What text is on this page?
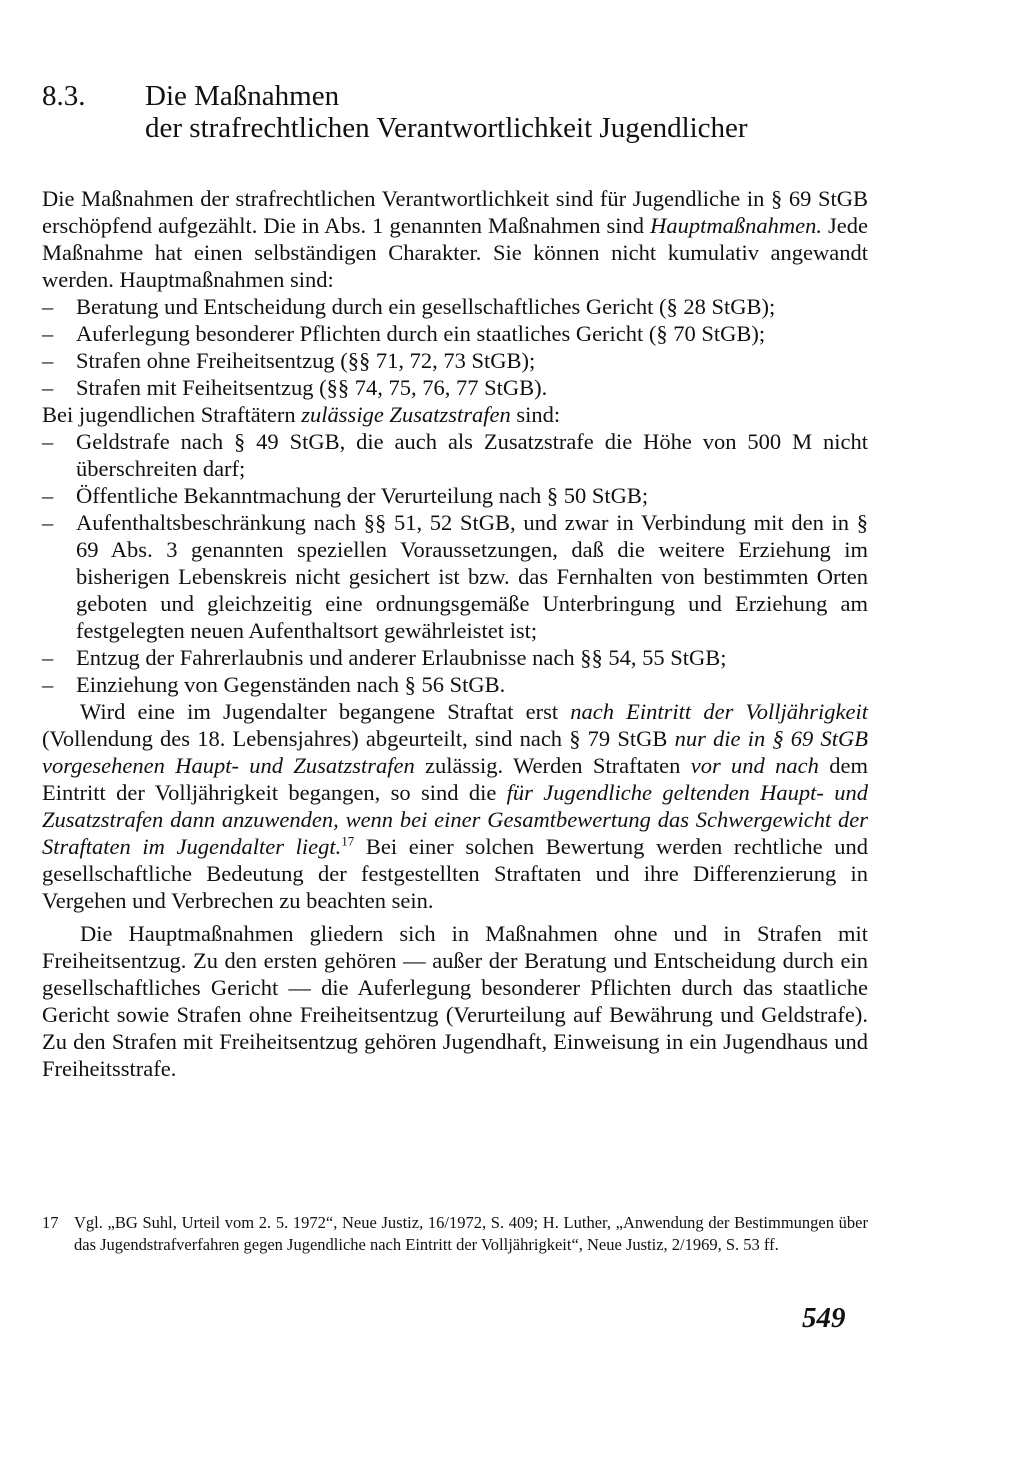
8.3. Die Maßnahmen
der strafrechtlichen Verantwortlichkeit Jugendlicher

Die Maßnahmen der strafrechtlichen Verantwortlichkeit sind für Jugendliche in § 69 StGB erschöpfend aufgezählt. Die in Abs. 1 genannten Maßnahmen sind Hauptmaßnahmen. Jede Maßnahme hat einen selbständigen Charakter. Sie können nicht kumulativ angewandt werden. Hauptmaßnahmen sind:

– Beratung und Entscheidung durch ein gesellschaftliches Gericht (§ 28 StGB);
– Auferlegung besonderer Pflichten durch ein staatliches Gericht (§ 70 StGB);
– Strafen ohne Freiheitsentzug (§§ 71, 72, 73 StGB);
– Strafen mit Feiheitsentzug (§§ 74, 75, 76, 77 StGB).

Bei jugendlichen Straftätern zulässige Zusatzstrafen sind:

– Geldstrafe nach § 49 StGB, die auch als Zusatzstrafe die Höhe von 500 M nicht überschreiten darf;
– Öffentliche Bekanntmachung der Verurteilung nach § 50 StGB;
– Aufenthaltsbeschränkung nach §§ 51, 52 StGB, und zwar in Verbindung mit den in § 69 Abs. 3 genannten speziellen Voraussetzungen, daß die weitere Erziehung im bisherigen Lebenskreis nicht gesichert ist bzw. das Fernhalten von bestimmten Orten geboten und gleichzeitig eine ordnungsgemäße Unterbringung und Erziehung am festgelegten neuen Aufenthaltsort gewährleistet ist;
– Entzug der Fahrerlaubnis und anderer Erlaubnisse nach §§ 54, 55 StGB;
– Einziehung von Gegenständen nach § 56 StGB.

Wird eine im Jugendalter begangene Straftat erst nach Eintritt der Volljährigkeit (Vollendung des 18. Lebensjahres) abgeurteilt, sind nach § 79 StGB nur die in § 69 StGB vorgesehenen Haupt- und Zusatzstrafen zulässig. Werden Straftaten vor und nach dem Eintritt der Volljährigkeit begangen, so sind die für Jugendliche geltenden Haupt- und Zusatzstrafen dann anzuwenden, wenn bei einer Gesamtbewertung das Schwergewicht der Straftaten im Jugendalter liegt.$^{17}$ Bei einer solchen Bewertung werden rechtliche und gesellschaftliche Bedeutung der festgestellten Straftaten und ihre Differenzierung in Vergehen und Verbrechen zu beachten sein.

Die Hauptmaßnahmen gliedern sich in Maßnahmen ohne und in Strafen mit Freiheitsentzug. Zu den ersten gehören — außer der Beratung und Entscheidung durch ein gesellschaftliches Gericht — die Auferlegung besonderer Pflichten durch das staatliche Gericht sowie Strafen ohne Freiheitsentzug (Verurteilung auf Bewährung und Geldstrafe). Zu den Strafen mit Freiheitsentzug gehören Jugendhaft, Einweisung in ein Jugendhaus und Freiheitsstrafe.

17 Vgl. „BG Suhl, Urteil vom 2. 5. 1972“, Neue Justiz, 16/1972, S. 409; H. Luther, „Anwendung der Bestimmungen über das Jugendstrafverfahren gegen Jugendliche nach Eintritt der Volljährigkeit“, Neue Justiz, 2/1969, S. 53 ff.
549
